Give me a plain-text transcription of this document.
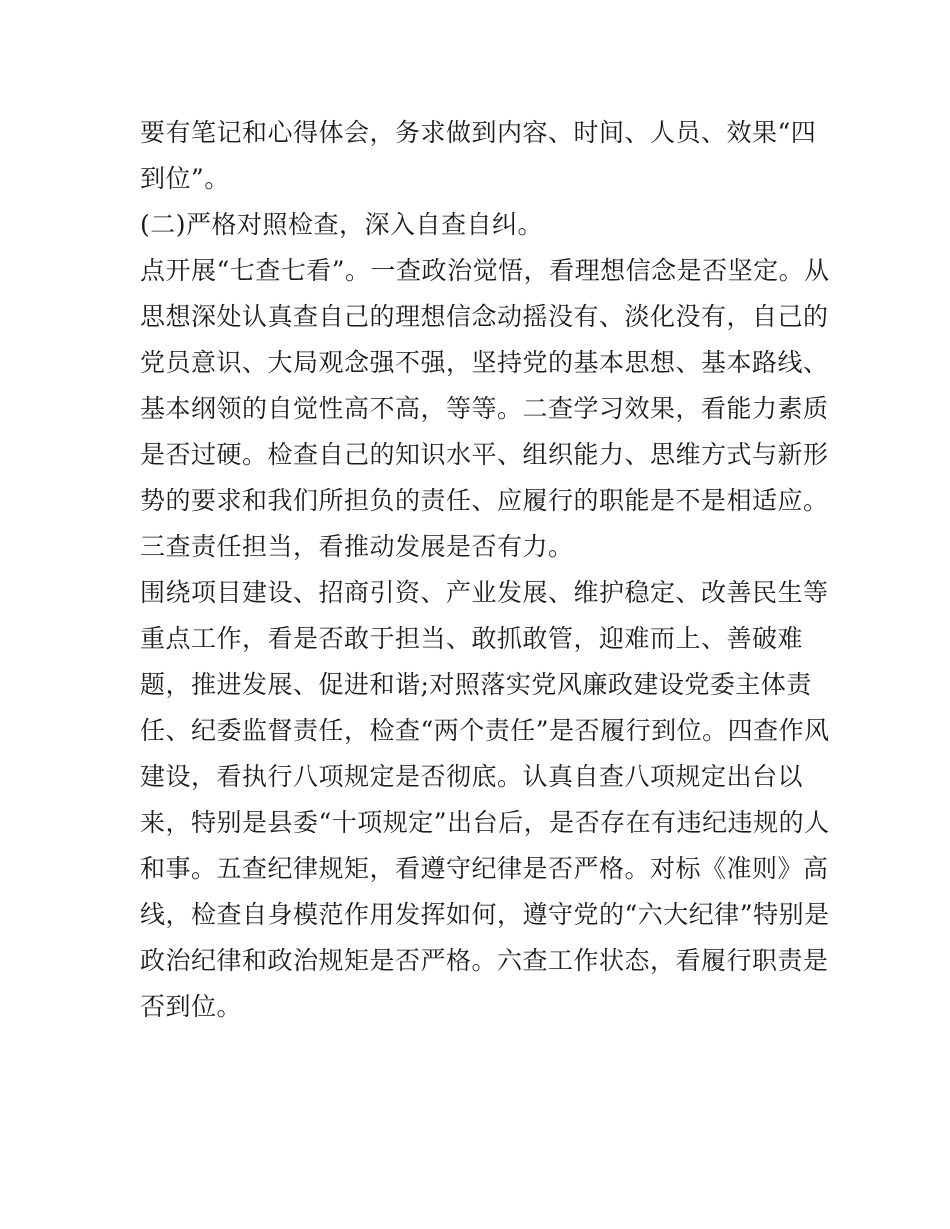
要有笔记和心得体会，务求做到内容、时间、人员、效果“四
到位”。
(二)严格对照检查，深入自查自纠。
点开展“七查七看”。一查政治觉悟，看理想信念是否坚定。从
思想深处认真查自己的理想信念动摇没有、淡化没有，自己的
党员意识、大局观念强不强，坚持党的基本思想、基本路线、
基本纲领的自觉性高不高，等等。二查学习效果，看能力素质
是否过硬。检查自己的知识水平、组织能力、思维方式与新形
势的要求和我们所担负的责任、应履行的职能是不是相适应。
三查责任担当，看推动发展是否有力。
围绕项目建设、招商引资、产业发展、维护稳定、改善民生等
重点工作，看是否敢于担当、敢抓敢管，迎难而上、善破难
题，推进发展、促进和谐;对照落实党风廉政建设党委主体责
任、纪委监督责任，检查“两个责任”是否履行到位。四查作风
建设，看执行八项规定是否彻底。认真自查八项规定出台以
来，特别是县委“十项规定”出台后，是否存在有违纪违规的人
和事。五查纪律规矩，看遵守纪律是否严格。对标《准则》高
线，检查自身模范作用发挥如何，遵守党的“六大纪律”特别是
政治纪律和政治规矩是否严格。六查工作状态，看履行职责是
否到位。
